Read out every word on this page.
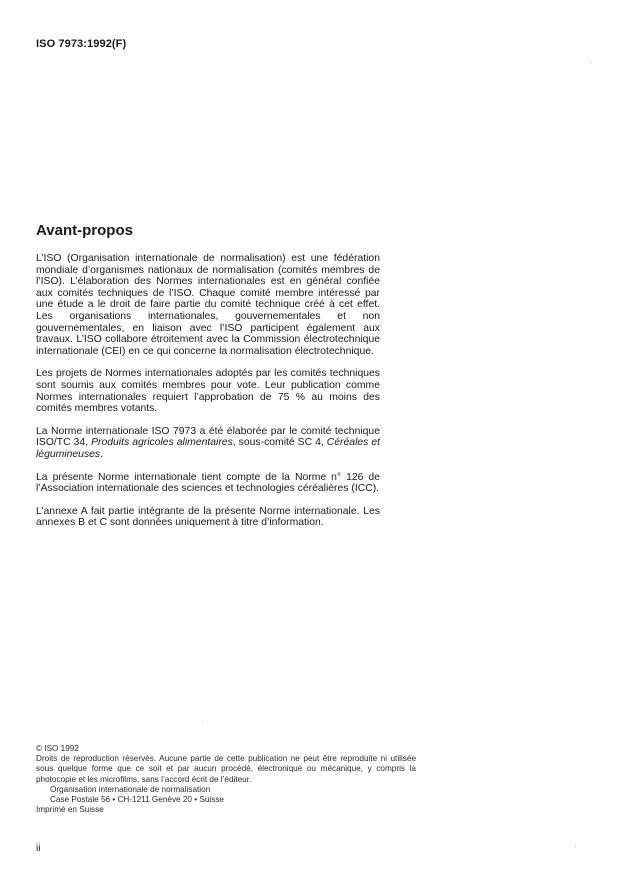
ISO 7973:1992(F)
Avant-propos

L’ISO (Organisation internationale de normalisation) est une fédération mondiale d’organismes nationaux de normalisation (comités membres de l’ISO). L’élaboration des Normes internationales est en général confiée aux comités techniques de l’ISO. Chaque comité membre intéressé par une étude a le droit de faire partie du comité technique créé à cet effet. Les organisations internationales, gouvernementales et non gouvernementales, en liaison avec l’ISO participent également aux travaux. L’ISO collabore étroitement avec la Commission électrotechnique internationale (CEI) en ce qui concerne la normalisation électrotechnique.

Les projets de Normes internationales adoptés par les comités techniques sont soumis aux comités membres pour vote. Leur publication comme Normes internationales requiert l’approbation de 75 % au moins des comités membres votants.

La Norme internationale ISO 7973 a été élaborée par le comité technique ISO/TC 34, Produits agricoles alimentaires, sous-comité SC 4, Céréales et légumineuses.

La présente Norme internationale tient compte de la Norme n° 126 de l’Association internationale des sciences et technologies céréalières (ICC).

L’annexe A fait partie intégrante de la présente Norme internationale. Les annexes B et C sont données uniquement à titre d’information.

© ISO 1992
Droits de reproduction réservés. Aucune partie de cette publication ne peut être reproduite ni utilisée sous quelque forme que ce soit et par aucun procédé, électronique ou mécanique, y compris la photocopie et les microfilms, sans l’accord écrit de l’éditeur.
Organisation internationale de normalisation
Case Postale 56 • CH-1211 Genève 20 • Suisse
Imprimé en Suisse
ii
